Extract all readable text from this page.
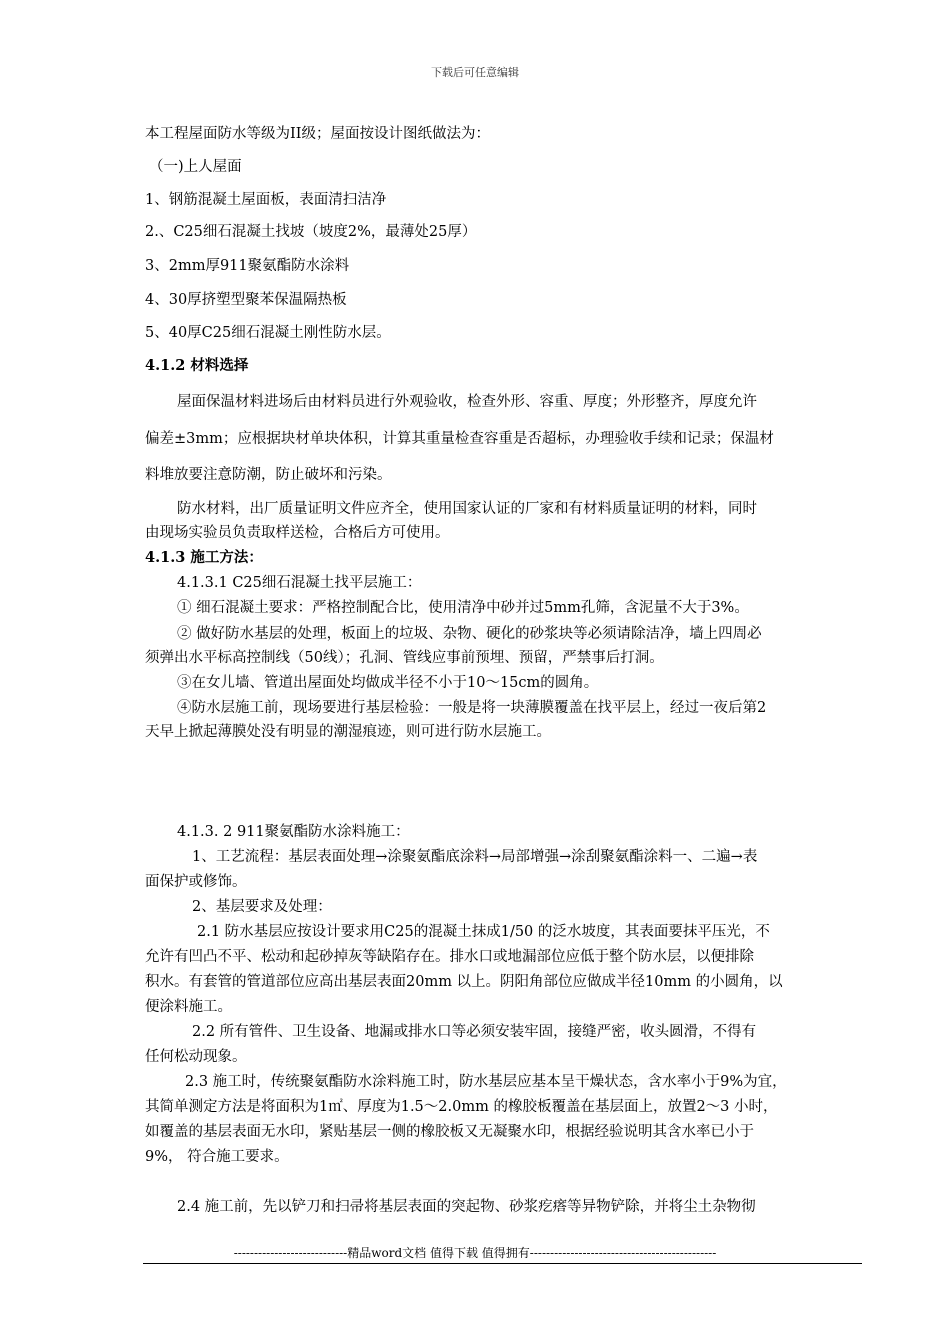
下载后可任意编辑
本工程屋面防水等级为II级；屋面按设计图纸做法为：
（一)上人屋面
1、钢筋混凝土屋面板，表面清扫洁净
2.、C25细石混凝土找坡（坡度2%，最薄处25厚）
3、2mm厚911聚氨酯防水涂料
4、30厚挤塑型聚苯保温隔热板
5、40厚C25细石混凝土刚性防水层。
4.1.2 材料选择
屋面保温材料进场后由材料员进行外观验收，检查外形、容重、厚度；外形整齐，厚度允许
偏差±3mm；应根据块材单块体积，计算其重量检查容重是否超标，办理验收手续和记录；保温材
料堆放要注意防潮，防止破坏和污染。
防水材料，出厂质量证明文件应齐全，使用国家认证的厂家和有材料质量证明的材料，同时
由现场实验员负责取样送检，合格后方可使用。
4.1.3 施工方法：
4.1.3.1 C25细石混凝土找平层施工：
① 细石混凝土要求：严格控制配合比，使用清净中砂并过5mm孔筛，含泥量不大于3%。
② 做好防水基层的处理，板面上的垃圾、杂物、硬化的砂浆块等必须请除洁净，墙上四周必
须弹出水平标高控制线（50线）；孔洞、管线应事前预埋、预留，严禁事后打洞。
③在女儿墙、管道出屋面处均做成半径不小于10～15cm的圆角。
④防水层施工前，现场要进行基层检验：一般是将一块薄膜覆盖在找平层上，经过一夜后第2
天早上掀起薄膜处没有明显的潮湿痕迹，则可进行防水层施工。
4.1.3. 2 911聚氨酯防水涂料施工：
1、工艺流程：基层表面处理→涂聚氨酯底涂料→局部增强→涂刮聚氨酯涂料一、二遍→表
面保护或修饰。
2、基层要求及处理：
2.1 防水基层应按设计要求用C25的混凝土抹成1/50 的泛水坡度，其表面要抹平压光，不
允许有凹凸不平、松动和起砂掉灰等缺陷存在。排水口或地漏部位应低于整个防水层，以便排除
积水。有套管的管道部位应高出基层表面20mm 以上。阴阳角部位应做成半径10mm 的小圆角，以
便涂料施工。
2.2 所有管件、卫生设备、地漏或排水口等必须安装牢固，接缝严密，收头圆滑，不得有
任何松动现象。
2.3 施工时，传统聚氨酯防水涂料施工时，防水基层应基本呈干燥状态，含水率小于9%为宜，
其简单测定方法是将面积为1㎡、厚度为1.5～2.0mm 的橡胶板覆盖在基层面上，放置2～3 小时，
如覆盖的基层表面无水印，紧贴基层一侧的橡胶板又无凝聚水印，根据经验说明其含水率已小于
9%， 符合施工要求。
2.4 施工前，先以铲刀和扫帚将基层表面的突起物、砂浆疙瘩等异物铲除，并将尘土杂物彻
----------------------------精品word文档 值得下载 值得拥有----------------------------------------------
